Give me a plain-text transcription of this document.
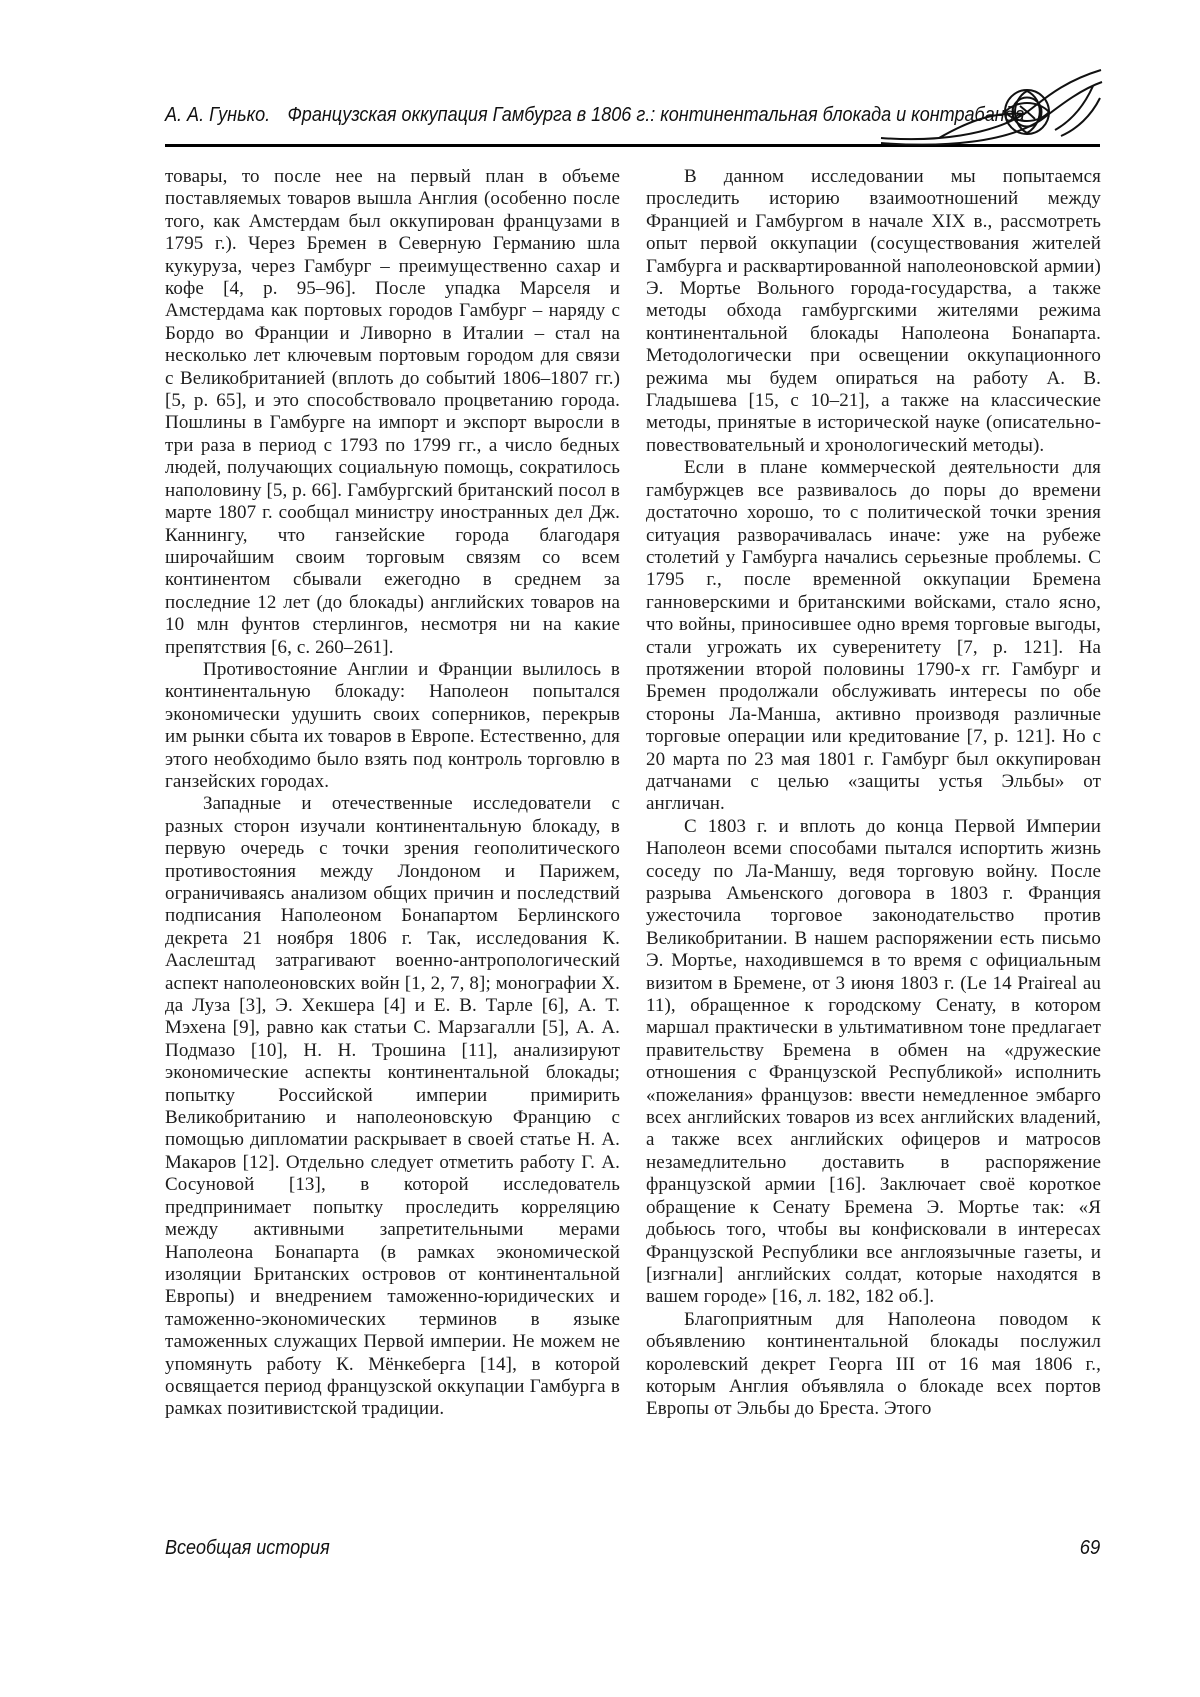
А. А. Гунько. Французская оккупация Гамбурга в 1806 г.: континентальная блокада и контрабанда

товары, то после нее на первый план в объеме поставляемых товаров вышла Англия (особенно после того, как Амстердам был оккупирован французами в 1795 г.). Через Бремен в Северную Германию шла кукуруза, через Гамбург – преимущественно сахар и кофе [4, p. 95–96]. После упадка Марселя и Амстердама как портовых городов Гамбург – наряду с Бордо во Франции и Ливорно в Италии – стал на несколько лет ключевым портовым городом для связи с Великобританией (вплоть до событий 1806–1807 гг.) [5, p. 65], и это способствовало процветанию города. Пошлины в Гамбурге на импорт и экспорт выросли в три раза в период с 1793 по 1799 гг., а число бедных людей, получающих социальную помощь, сократилось наполовину [5, p. 66]. Гамбургский британский посол в марте 1807 г. сообщал министру иностранных дел Дж. Каннингу, что ганзейские города благодаря широчайшим своим торговым связям со всем континентом сбывали ежегодно в среднем за последние 12 лет (до блокады) английских товаров на 10 млн фунтов стерлингов, несмотря ни на какие препятствия [6, с. 260–261].

Противостояние Англии и Франции вылилось в континентальную блокаду: Наполеон попытался экономически удушить своих соперников, перекрыв им рынки сбыта их товаров в Европе. Естественно, для этого необходимо было взять под контроль торговлю в ганзейских городах.

Западные и отечественные исследователи с разных сторон изучали континентальную блокаду, в первую очередь с точки зрения геополитического противостояния между Лондоном и Парижем, ограничиваясь анализом общих причин и последствий подписания Наполеоном Бонапартом Берлинского декрета 21 ноября 1806 г. Так, исследования К. Ааслештад затрагивают военно-антропологический аспект наполеоновских войн [1, 2, 7, 8]; монографии Х. да Луза [3], Э. Хекшера [4] и Е. В. Тарле [6], А. Т. Мэхена [9], равно как статьи С. Марзагалли [5], А. А. Подмазо [10], Н. Н. Трошина [11], анализируют экономические аспекты континентальной блокады; попытку Российской империи примирить Великобританию и наполеоновскую Францию с помощью дипломатии раскрывает в своей статье Н. А. Макаров [12]. Отдельно следует отметить работу Г. А. Сосуновой [13], в которой исследователь предпринимает попытку проследить корреляцию между активными запретительными мерами Наполеона Бонапарта (в рамках экономической изоляции Британских островов от континентальной Европы) и внедрением таможенно-юридических и таможенно-экономических терминов в языке таможенных служащих Первой империи. Не можем не упомянуть работу К. Мёнкеберга [14], в которой освящается период французской оккупации Гамбурга в рамках позитивистской традиции.

В данном исследовании мы попытаемся проследить историю взаимоотношений между Францией и Гамбургом в начале XIX в., рассмотреть опыт первой оккупации (сосуществования жителей Гамбурга и расквартированной наполеоновской армии) Э. Мортье Вольного города-государства, а также методы обхода гамбургскими жителями режима континентальной блокады Наполеона Бонапарта. Методологически при освещении оккупационного режима мы будем опираться на работу А. В. Гладышева [15, с 10–21], а также на классические методы, принятые в исторической науке (описательно-повествовательный и хронологический методы).

Если в плане коммерческой деятельности для гамбуржцев все развивалось до поры до времени достаточно хорошо, то с политической точки зрения ситуация разворачивалась иначе: уже на рубеже столетий у Гамбурга начались серьезные проблемы. С 1795 г., после временной оккупации Бремена ганноверскими и британскими войсками, стало ясно, что войны, приносившее одно время торговые выгоды, стали угрожать их суверенитету [7, p. 121]. На протяжении второй половины 1790-х гг. Гамбург и Бремен продолжали обслуживать интересы по обе стороны Ла-Манша, активно производя различные торговые операции или кредитование [7, p. 121]. Но с 20 марта по 23 мая 1801 г. Гамбург был оккупирован датчанами с целью «защиты устья Эльбы» от англичан.

С 1803 г. и вплоть до конца Первой Империи Наполеон всеми способами пытался испортить жизнь соседу по Ла-Маншу, ведя торговую войну. После разрыва Амьенского договора в 1803 г. Франция ужесточила торговое законодательство против Великобритании. В нашем распоряжении есть письмо Э. Мортье, находившемся в то время с официальным визитом в Бремене, от 3 июня 1803 г. (Le 14 Praireal au 11), обращенное к городскому Сенату, в котором маршал практически в ультимативном тоне предлагает правительству Бремена в обмен на «дружеские отношения с Французской Республикой» исполнить «пожелания» французов: ввести немедленное эмбарго всех английских товаров из всех английских владений, а также всех английских офицеров и матросов незамедлительно доставить в распоряжение французской армии [16]. Заключает своё короткое обращение к Сенату Бремена Э. Мортье так: «Я добьюсь того, чтобы вы конфисковали в интересах Французской Республики все англоязычные газеты, и [изгнали] английских солдат, которые находятся в вашем городе» [16, л. 182, 182 об.].

Благоприятным для Наполеона поводом к объявлению континентальной блокады послужил королевский декрет Георга III от 16 мая 1806 г., которым Англия объявляла о блокаде всех портов Европы от Эльбы до Бреста. Этого

Всеобщая история	69
